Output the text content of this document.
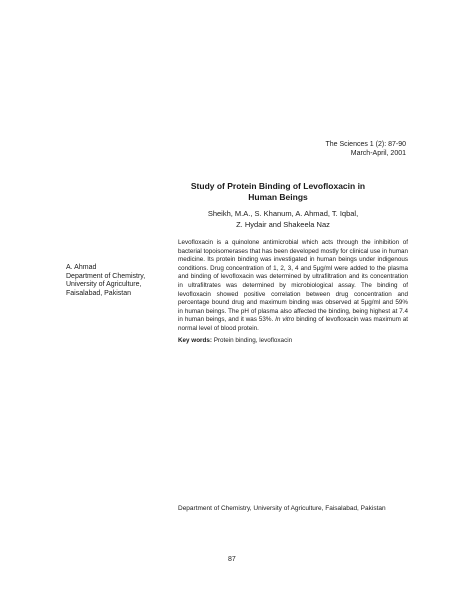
The Sciences 1 (2): 87-90
March-April, 2001
Study of Protein Binding of Levofloxacin in Human Beings
Sheikh, M.A., S. Khanum, A. Ahmad, T. Iqbal,
Z. Hydair and Shakeela Naz

Levofloxacin is a quinolone antimicrobial which acts through the inhibition of bacterial topoisomerases that has been developed mostly for clinical use in human medicine. Its protein binding was investigated in human beings under indigenous conditions. Drug concentration of 1, 2, 3, 4 and 5µg/ml were added to the plasma and binding of levofloxacin was determined by ultrafiltration and its concentration in ultrafiltrates was determined by microbiological assay. The binding of levofloxacin showed positive correlation between drug concentration and percentage bound drug and maximum binding was observed at 5µg/ml and 59% in human beings. The pH of plasma also affected the binding, being highest at 7.4 in human beings, and it was 53%. In vitro binding of levofloxacin was maximum at normal level of blood protein.

Key words: Protein binding, levofloxacin
A. Ahmad
Department of Chemistry,
University of Agriculture,
Faisalabad, Pakistan
Department of Chemistry, University of Agriculture, Faisalabad, Pakistan
87
